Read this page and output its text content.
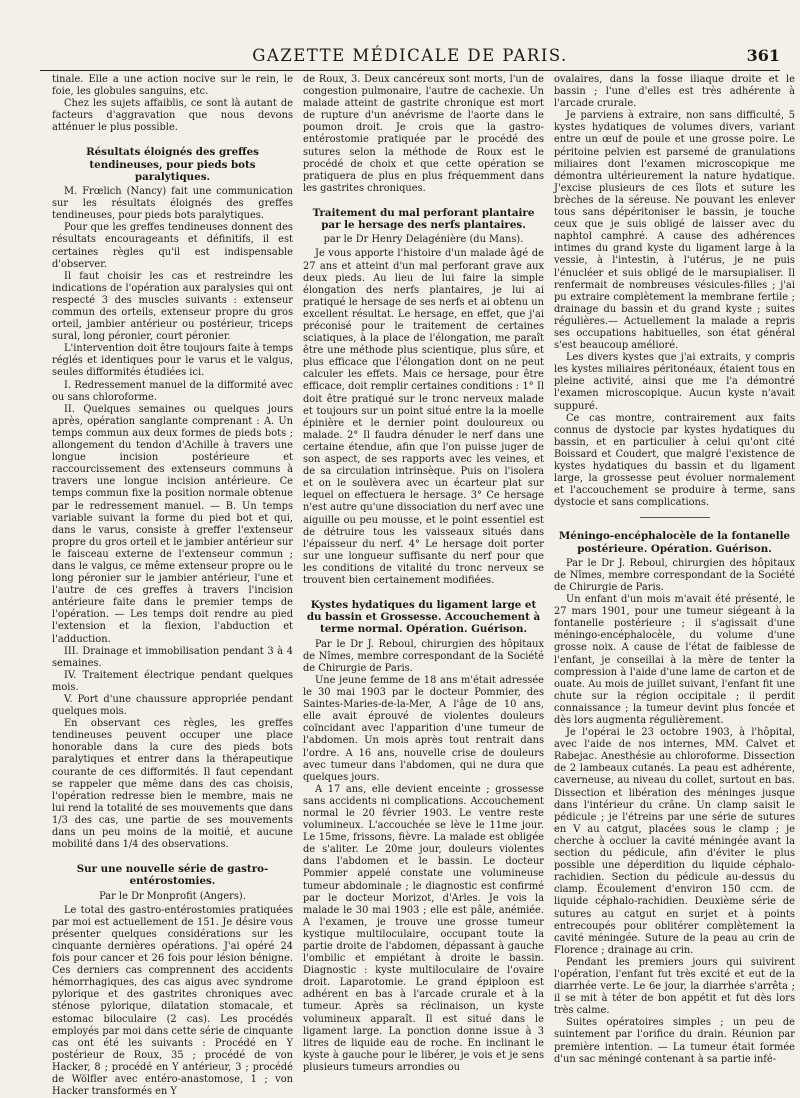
GAZETTE MÉDICALE DE PARIS.	361

tinale. Elle a une action nocive sur le rein, le foie, les globules sanguins, etc.

Chez les sujets affaiblis, ce sont là autant de facteurs d'aggravation que nous devons atténuer le plus possible.

Résultats éloignés des greffes tendineuses, pour pieds bots paralytiques.

M. Frœlich (Nancy) fait une communication sur les résultats éloignés des greffes tendineuses, pour pieds bots paralytiques.

Pour que les greffes tendineuses donnent des résultats encourageants et définitifs, il est certaines règles qu'il est indispensable d'observer.

Il faut choisir les cas et restreindre les indications de l'opération aux paralysies qui ont respecté 3 des muscles suivants : extenseur commun des orteils, extenseur propre du gros orteil, jambier antérieur ou postérieur, triceps sural, long péronier, court péronier.

L'intervention doit être toujours faite à temps réglés et identiques pour le varus et le valgus, seules difformités étudiées ici.

I. Redressement manuel de la difformité avec ou sans chloroforme.

II. Quelques semaines ou quelques jours après, opération sanglante comprenant : A. Un temps commun aux deux formes de pieds bots ; allongement du tendon d'Achille à travers une longue incision postérieure et raccourcissement des extenseurs communs à travers une longue incision antérieure. Ce temps commun fixe la position normale obtenue par le redressement manuel. — B. Un temps variable suivant la forme du pied bot et qui, dans le varus, consiste à greffer l'extenseur propre du gros orteil et le jambier antérieur sur le faisceau externe de l'extenseur commun ; dans le valgus, ce même extenseur propre ou le long péronier sur le jambier antérieur, l'une et l'autre de ces greffes à travers l'incision antérieure faite dans le premier temps de l'opération. — Les temps doit rendre au pied l'extension et la flexion, l'abduction et l'adduction.

III. Drainage et immobilisation pendant 3 à 4 semaines.

IV. Traitement électrique pendant quelques mois.

V. Port d'une chaussure appropriée pendant quelques mois.

En observant ces règles, les greffes tendineuses peuvent occuper une place honorable dans la cure des pieds bots paralytiques et entrer dans la thérapeutique courante de ces difformités. Il faut cependant se rappeler que même dans des cas choisis, l'opération redresse bien le membre, mais ne lui rend la totalité de ses mouvements que dans 1/3 des cas, une partie de ses mouvements dans un peu moins de la moitié, et aucune mobilité dans 1/4 des observations.

Sur une nouvelle série de gastro-entérostomies.

Par le Dr Monprofit (Angers).

Le total des gastro-entérostomies pratiquées par moi est actuellement de 151. Je désire vous présenter quelques considérations sur les cinquante dernières opérations. J'ai opéré 24 fois pour cancer et 26 fois pour lésion bénigne. Ces derniers cas comprennent des accidents hémorrhagiques, des cas aigus avec syndrome pylorique et des gastrites chroniques avec sténose pylorique, dilatation stomacale, et estomac biloculaire (2 cas). Les procédés employés par moi dans cette série de cinquante cas ont été les suivants : Procédé en Y postérieur de Roux, 35 ; procédé de von Hacker, 8 ; procédé en Y antérieur, 3 ; procédé de Wölfler avec entéro-anastomose, 1 ; von Hacker transformés en Y

de Roux, 3. Deux cancéreux sont morts, l'un de congestion pulmonaire, l'autre de cachexie. Un malade atteint de gastrite chronique est mort de rupture d'un anévrisme de l'aorte dans le poumon droit. Je crois que la gastro-entérostomie pratiquée par le procédé des sutures selon la méthode de Roux est le procédé de choix et que cette opération se pratiquera de plus en plus fréquemment dans les gastrites chroniques.

Traitement du mal perforant plantaire par le hersage des nerfs plantaires.

par le Dr Henry Delagénière (du Mans).

Je vous apporte l'histoire d'un malade âgé de 27 ans et atteint d'un mal perforant grave aux deux pieds. Au lieu de lui faire la simple élongation des nerfs plantaires, je lui ai pratiqué le hersage de ses nerfs et ai obtenu un excellent résultat. Le hersage, en effet, que j'ai préconisé pour le traitement de certaines sciatiques, à la place de l'élongation, me paraît être une méthode plus scientique, plus sûre, et plus efficace que l'élongation dont on ne peut calculer les effets. Mais ce hersage, pour être efficace, doit remplir certaines conditions : 1° Il doit être pratiqué sur le tronc nerveux malade et toujours sur un point situé entre la la moelle épinière et le dernier point douloureux ou malade. 2° Il faudra dénuder le nerf dans une certaine étendue, afin que l'on puisse juger de son aspect, de ses rapports avec les veines, et de sa circulation intrinsèque. Puis on l'isolera et on le soulèvera avec un écarteur plat sur lequel on effectuera le hersage. 3° Ce hersage n'est autre qu'une dissociation du nerf avec une aiguille ou peu mousse, et le point essentiel est de détruire tous les vaisseaux situés dans l'épaisseur du nerf. 4° Le hersage doit porter sur une longueur suffisante du nerf pour que les conditions de vitalité du tronc nerveux se trouvent bien certainement modifiées.

Kystes hydatiques du ligament large et du bassin et Grossesse. Accouchement à terme normal. Opération. Guérison.

Par le Dr J. Reboul, chirurgien des hôpitaux de Nîmes, membre correspondant de la Société de Chirurgie de Paris.

Une jeune femme de 18 ans m'était adressée le 30 mai 1903 par le docteur Pommier, des Saintes-Maries-de-la-Mer, A l'âge de 10 ans, elle avait éprouvé de violentes douleurs coïncidant avec l'apparition d'une tumeur de l'abdomen. Un mois après tout rentrait dans l'ordre. A 16 ans, nouvelle crise de douleurs avec tumeur dans l'abdomen, qui ne dura que quelques jours.

A 17 ans, elle devient enceinte ; grossesse sans accidents ni complications. Accouchement normal le 20 février 1903. Le ventre reste volumineux. L'accouchée se lève le 11me jour. Le 15me, frissons, fièvre. La malade est obligée de s'aliter. Le 20me jour, douleurs violentes dans l'abdomen et le bassin. Le docteur Pommier appelé constate une volumineuse tumeur abdominale ; le diagnostic est confirmé par le docteur Morizot, d'Arles. Je vois la malade le 30 mai 1903 ; elle est pâle, anémiée. A l'examen, je trouve une grosse tumeur kystique multiloculaire, occupant toute la partie droite de l'abdomen, dépassant à gauche l'ombilic et empiétant à droite le bassin. Diagnostic : kyste multiloculaire de l'ovaire droit. Laparotomie. Le grand épiploon est adhérent en bas à l'arcade crurale et à la tumeur. Après sa réclinaison, un kyste volumineux apparaît. Il est situé dans le ligament large. La ponction donne issue à 3 litres de liquide eau de roche. En inclinant le kyste à gauche pour le libérer, je vois et je sens plusieurs tumeurs arrondies ou

ovalaires, dans la fosse iliaque droite et le bassin ; l'une d'elles est très adhérente à l'arcade crurale.

Je parviens à extraire, non sans difficulté, 5 kystes hydatiques de volumes divers, variant entre un œuf de poule et une grosse poire. Le péritoine pelvien est parsemé de granulations miliaires dont l'examen microscopique me démontra ultérieurement la nature hydatique. J'excise plusieurs de ces îlots et suture les brèches de la séreuse. Ne pouvant les enlever tous sans dépéritoniser le bassin, je touche ceux que je suis obligé de laisser avec du naphtol camphré. A cause des adhérences intimes du grand kyste du ligament large à la vessie, à l'intestin, à l'utérus, je ne puis l'énucléer et suis obligé de le marsupialiser. Il renfermait de nombreuses vésicules-filles ; j'ai pu extraire complètement la membrane fertile ; drainage du bassin et du grand kyste ; suites régulières.— Actuellement la malade a repris ses occupations habituelles, son état général s'est beaucoup amélioré.

Les divers kystes que j'ai extraits, y compris les kystes miliaires péritonéaux, étaient tous en pleine activité, ainsi que me l'a démontré l'examen microscopique. Aucun kyste n'avait suppuré.

Ce cas montre, contrairement aux faits connus de dystocie par kystes hydatiques du bassin, et en particulier à celui qu'ont cité Boissard et Coudert, que malgré l'existence de kystes hydatiques du bassin et du ligament large, la grossesse peut évoluer normalement et l'accouchement se produire à terme, sans dystocie et sans complications.

Méningo-encéphalocèle de la fontanelle postérieure. Opération. Guérison.

Par le Dr J. Reboul, chirurgien des hôpitaux de Nîmes, membre correspondant de la Société de Chirurgie de Paris.

Un enfant d'un mois m'avait été présenté, le 27 mars 1901, pour une tumeur siégeant à la fontanelle postérieure ; il s'agissait d'une méningo-encéphalocèle, du volume d'une grosse noix. A cause de l'état de faiblesse de l'enfant, je conseillai à la mère de tenter la compression à l'aide d'une lame de carton et de ouate. Au mois de juillet suivant, l'enfant fit une chute sur la région occipitale ; il perdit connaissance ; la tumeur devint plus foncée et dès lors augmenta régulièrement.

Je l'opérai le 23 octobre 1903, à l'hôpital, avec l'aide de nos internes, MM. Calvet et Rabejac. Anesthésie au chloroforme. Dissection de 2 lambeaux cutanés. La peau est adhérente, caverneuse, au niveau du collet, surtout en bas. Dissection et libération des méninges jusque dans l'intérieur du crâne. Un clamp saisit le pédicule ; je l'étreins par une série de sutures en V au catgut, placées sous le clamp ; je cherche à occluer la cavité méningée avant la section du pédicule, afin d'éviter le plus possible une déperdition du liquide céphalo-rachidien. Section du pédicule au-dessus du clamp. Écoulement d'environ 150 ccm. de liquide céphalo-rachidien. Deuxième série de sutures au catgut en surjet et à points entrecoupés pour oblitérer complètement la cavité méningée. Suture de la peau au crin de Florence ; drainage au crin.

Pendant les premiers jours qui suivirent l'opération, l'enfant fut très excité et eut de la diarrhée verte. Le 6e jour, la diarrhée s'arrêta ; il se mit à téter de bon appétit et fut dès lors très calme.

Suites opératoires simples ; un peu de suintement par l'orifice du drain. Réunion par première intention. — La tumeur était formée d'un sac méningé contenant à sa partie infé-
